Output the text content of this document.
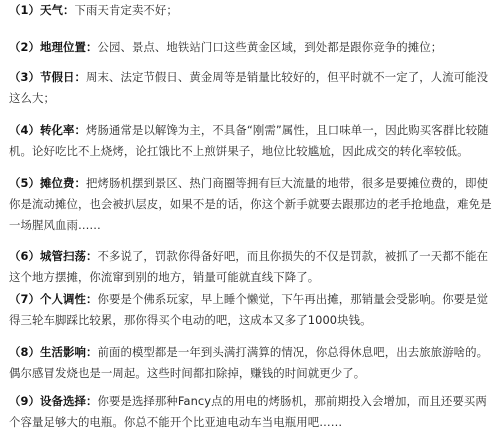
（1）天气：下雨天肯定卖不好；
（2）地理位置：公园、景点、地铁站门口这些黄金区域，到处都是跟你竞争的摊位；
（3）节假日：周末、法定节假日、黄金周等是销量比较好的，但平时就不一定了，人流可能没这么大；
（4）转化率：烤肠通常是以解馋为主，不具备“刚需”属性，且口味单一，因此购买客群比较随机。论好吃比不上烧烤，论扛饿比不上煎饼果子，地位比较尴尬，因此成交的转化率较低。
（5）摊位费：把烤肠机摆到景区、热门商圈等拥有巨大流量的地带，很多是要摊位费的，即使你是流动摊位，也会被扒层皮，如果不是的话，你这个新手就要去跟那边的老手抢地盘，难免是一场腥风血雨……
（6）城管扫荡：不多说了，罚款你得备好吧，而且你损失的不仅是罚款，被抓了一天都不能在这个地方摆摊，你流窜到别的地方，销量可能就直线下降了。
（7）个人调性：你要是个佛系玩家，早上睡个懒觉，下午再出摊，那销量会受影响。你要是觉得三轮车脚踩比较累，那你得买个电动的吧，这成本又多了1000块钱。
（8）生活影响：前面的模型都是一年到头满打满算的情况，你总得休息吧，出去旅旅游啥的。偶尔感冒发烧也是一周起。这些时间都扣除掉，赚钱的时间就更少了。
（9）设备选择：你要是选择那种Fancy点的用电的烤肠机，那前期投入会增加，而且还要买两个容量足够大的电瓶。你总不能开个比亚迪电动车当电瓶用吧……
